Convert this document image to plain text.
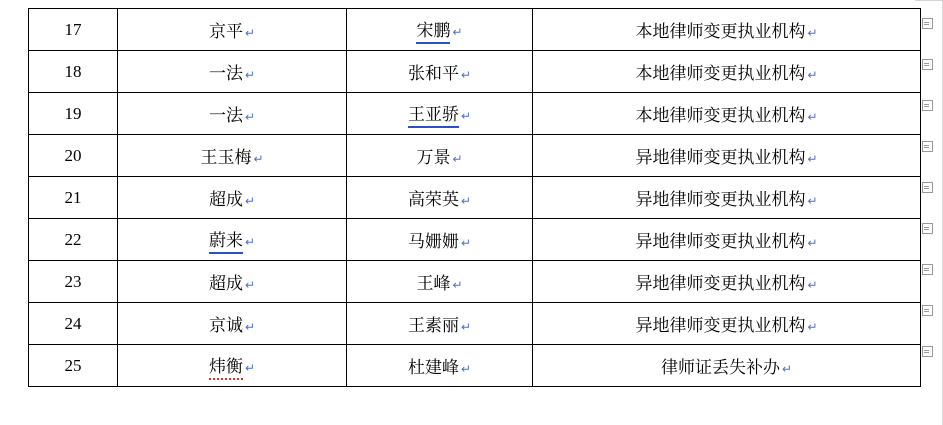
17	京平 ↵	宋鹏 ↵	本地律师变更执业机构 ↵
18	一法 ↵	张和平 ↵	本地律师变更执业机构 ↵
19	一法 ↵	王亚骄 ↵	本地律师变更执业机构 ↵
20	王玉梅 ↵	万景 ↵	异地律师变更执业机构 ↵
21	超成 ↵	高荣英 ↵	异地律师变更执业机构 ↵
22	蔚来 ↵	马姗姗 ↵	异地律师变更执业机构 ↵
23	超成 ↵	王峰 ↵	异地律师变更执业机构 ↵
24	京诚 ↵	王素丽 ↵	异地律师变更执业机构 ↵
25	炜衡 ↵	杜建峰 ↵	律师证丢失补办 ↵
